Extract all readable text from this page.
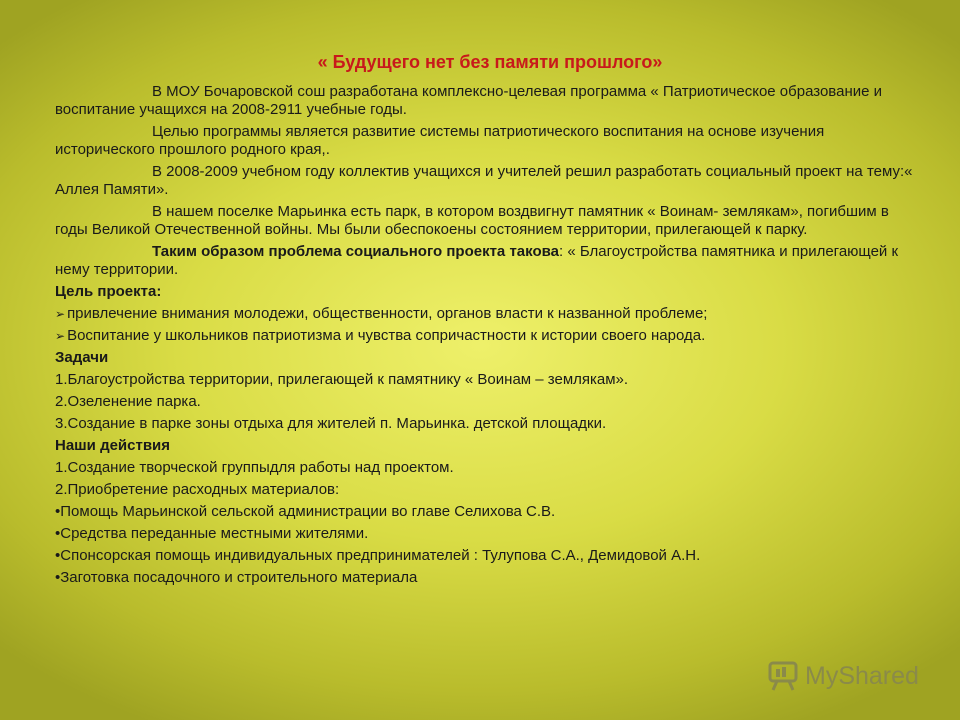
« Будущего нет без памяти прошлого»
В МОУ Бочаровской сош разработана комплексно-целевая программа « Патриотическое образование и воспитание учащихся на 2008-2911 учебные годы.
Целью программы является развитие системы патриотического воспитания на основе изучения исторического прошлого родного края,.
В 2008-2009 учебном году коллектив учащихся и учителей решил разработать социальный проект на тему:« Аллея Памяти».
В нашем поселке Марьинка есть парк, в котором воздвигнут памятник « Воинам- землякам», погибшим в годы Великой Отечественной войны. Мы были обеспокоены состоянием территории, прилегающей к парку.
Таким образом проблема социального проекта такова: « Благоустройства памятника и прилегающей к нему территории.
Цель проекта:
➢ привлечение внимания молодежи, общественности, органов власти к названной проблеме;
➢ Воспитание у школьников патриотизма и чувства сопричастности к истории своего народа.
Задачи
1.Благоустройства территории, прилегающей к памятнику « Воинам – землякам».
2.Озеленение парка.
3.Создание в парке зоны отдыха для жителей п. Марьинка. детской площадки.
Наши действия
1.Создание творческой группыдля работы над проектом.
2.Приобретение расходных материалов:
•Помощь Марьинской сельской администрации во главе Селихова С.В.
•Средства переданные местными жителями.
•Спонсорская помощь индивидуальных предпринимателей : Тулупова С.А., Демидовой А.Н.
•Заготовка посадочного и строительного материала
MyShared
